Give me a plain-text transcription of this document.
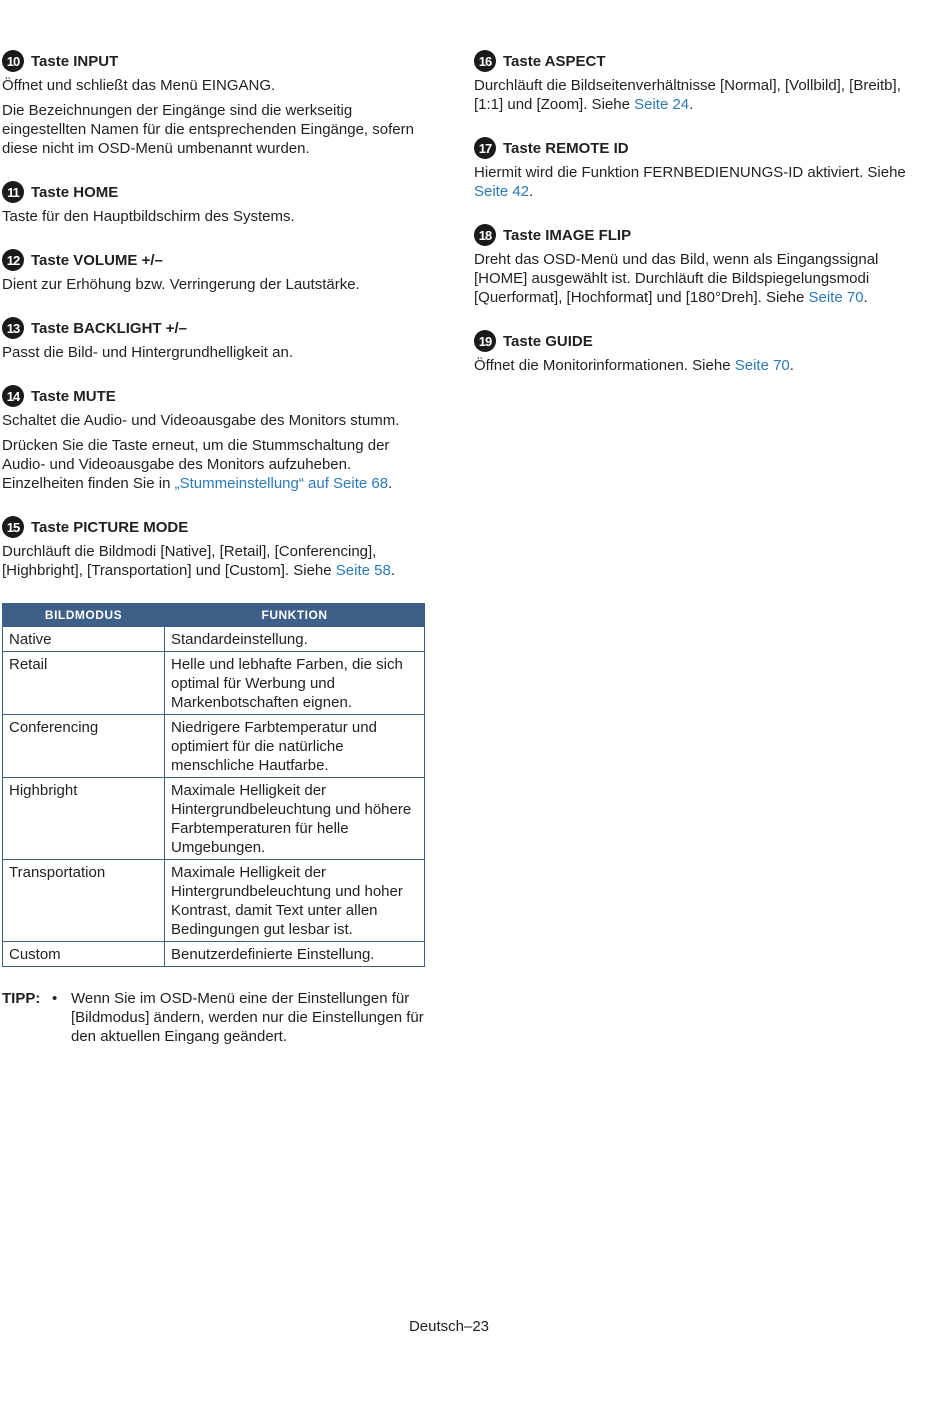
10 Taste INPUT
Öffnet und schließt das Menü EINGANG.
Die Bezeichnungen der Eingänge sind die werkseitig eingestellten Namen für die entsprechenden Eingänge, sofern diese nicht im OSD-Menü umbenannt wurden.
11 Taste HOME
Taste für den Hauptbildschirm des Systems.
12 Taste VOLUME +/–
Dient zur Erhöhung bzw. Verringerung der Lautstärke.
13 Taste BACKLIGHT +/–
Passt die Bild- und Hintergrundhelligkeit an.
14 Taste MUTE
Schaltet die Audio- und Videoausgabe des Monitors stumm.
Drücken Sie die Taste erneut, um die Stummschaltung der Audio- und Videoausgabe des Monitors aufzuheben. Einzelheiten finden Sie in „Stummeinstellung“ auf Seite 68.
15 Taste PICTURE MODE
Durchläuft die Bildmodi [Native], [Retail], [Conferencing], [Highbright], [Transportation] und [Custom]. Siehe Seite 58.
BILDMODUS	FUNKTION
Native	Standardeinstellung.
Retail	Helle und lebhafte Farben, die sich optimal für Werbung und Markenbotschaften eignen.
Conferencing	Niedrigere Farbtemperatur und optimiert für die natürliche menschliche Hautfarbe.
Highbright	Maximale Helligkeit der Hintergrundbeleuchtung und höhere Farbtemperaturen für helle Umgebungen.
Transportation	Maximale Helligkeit der Hintergrundbeleuchtung und hoher Kontrast, damit Text unter allen Bedingungen gut lesbar ist.
Custom	Benutzerdefinierte Einstellung.
TIPP: • Wenn Sie im OSD-Menü eine der Einstellungen für [Bildmodus] ändern, werden nur die Einstellungen für den aktuellen Eingang geändert.
16 Taste ASPECT
Durchläuft die Bildseitenverhältnisse [Normal], [Vollbild], [Breitb], [1:1] und [Zoom]. Siehe Seite 24.
17 Taste REMOTE ID
Hiermit wird die Funktion FERNBEDIENUNGS-ID aktiviert. Siehe Seite 42.
18 Taste IMAGE FLIP
Dreht das OSD-Menü und das Bild, wenn als Eingangssignal [HOME] ausgewählt ist. Durchläuft die Bildspiegelungsmodi [Querformat], [Hochformat] und [180°Dreh]. Siehe Seite 70.
19 Taste GUIDE
Öffnet die Monitorinformationen. Siehe Seite 70.
Deutsch–23
